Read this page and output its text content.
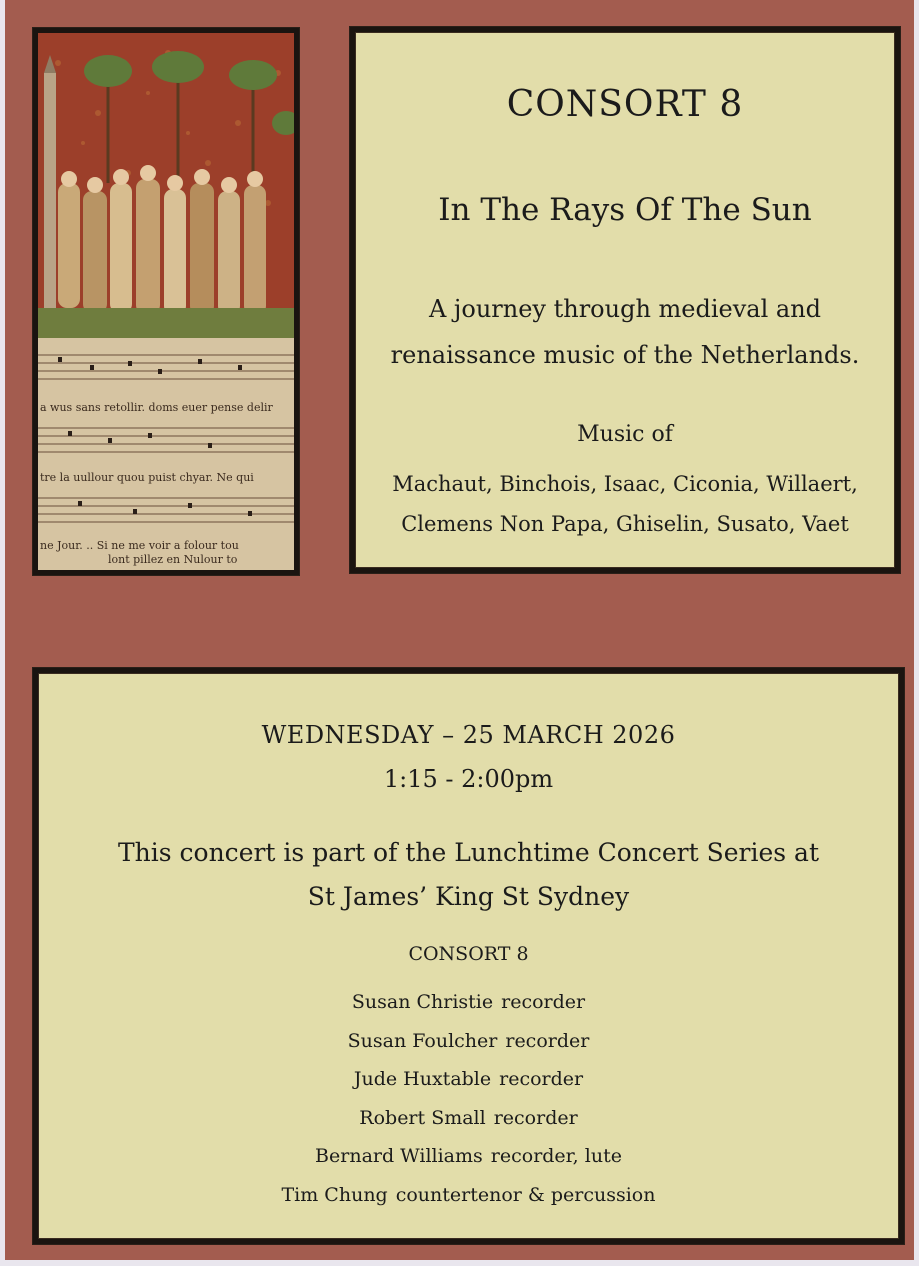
a wus sans retollir. doms euer pense delir
tre la uullour quou puist chyar. Ne qui
ne Jour. .. Si ne me voir a folour tou
lont pillez en Nulour to
CONSORT 8
In The Rays Of The Sun
A journey through medieval and
renaissance music of the Netherlands.
Music of
Machaut, Binchois, Isaac, Ciconia, Willaert,
Clemens Non Papa, Ghiselin, Susato, Vaet
WEDNESDAY – 25 MARCH 2026
1:15 - 2:00pm
This concert is part of the Lunchtime Concert Series at
St James’ King St Sydney
CONSORT 8
Susan Christie recorder
Susan Foulcher recorder
Jude Huxtable recorder
Robert Small recorder
Bernard Williams recorder, lute
Tim Chung countertenor & percussion
